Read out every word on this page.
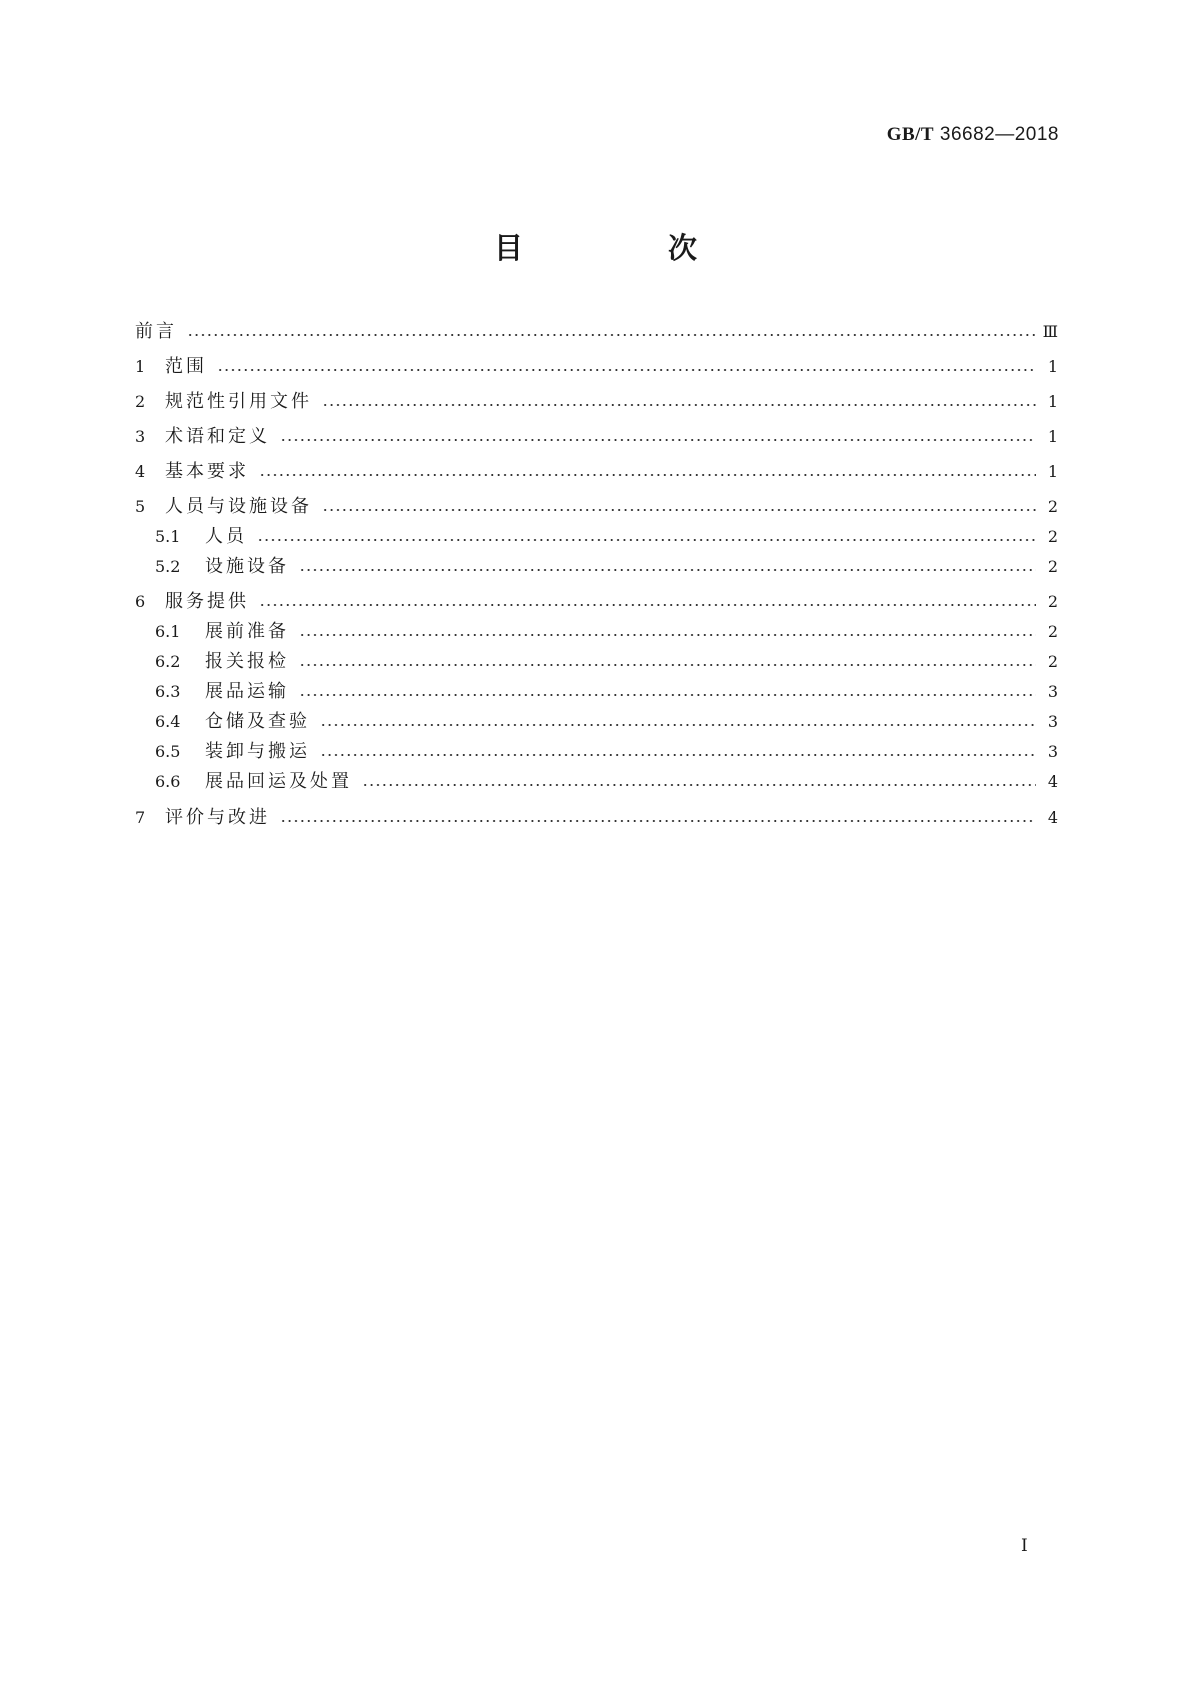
GB/T 36682—2018
目　次
前言	Ⅲ
1	范围	1
2	规范性引用文件	1
3	术语和定义	1
4	基本要求	1
5	人员与设施设备	2
5.1	人员	2
5.2	设施设备	2
6	服务提供	2
6.1	展前准备	2
6.2	报关报检	2
6.3	展品运输	3
6.4	仓储及查验	3
6.5	装卸与搬运	3
6.6	展品回运及处置	4
7	评价与改进	4
Ⅰ
